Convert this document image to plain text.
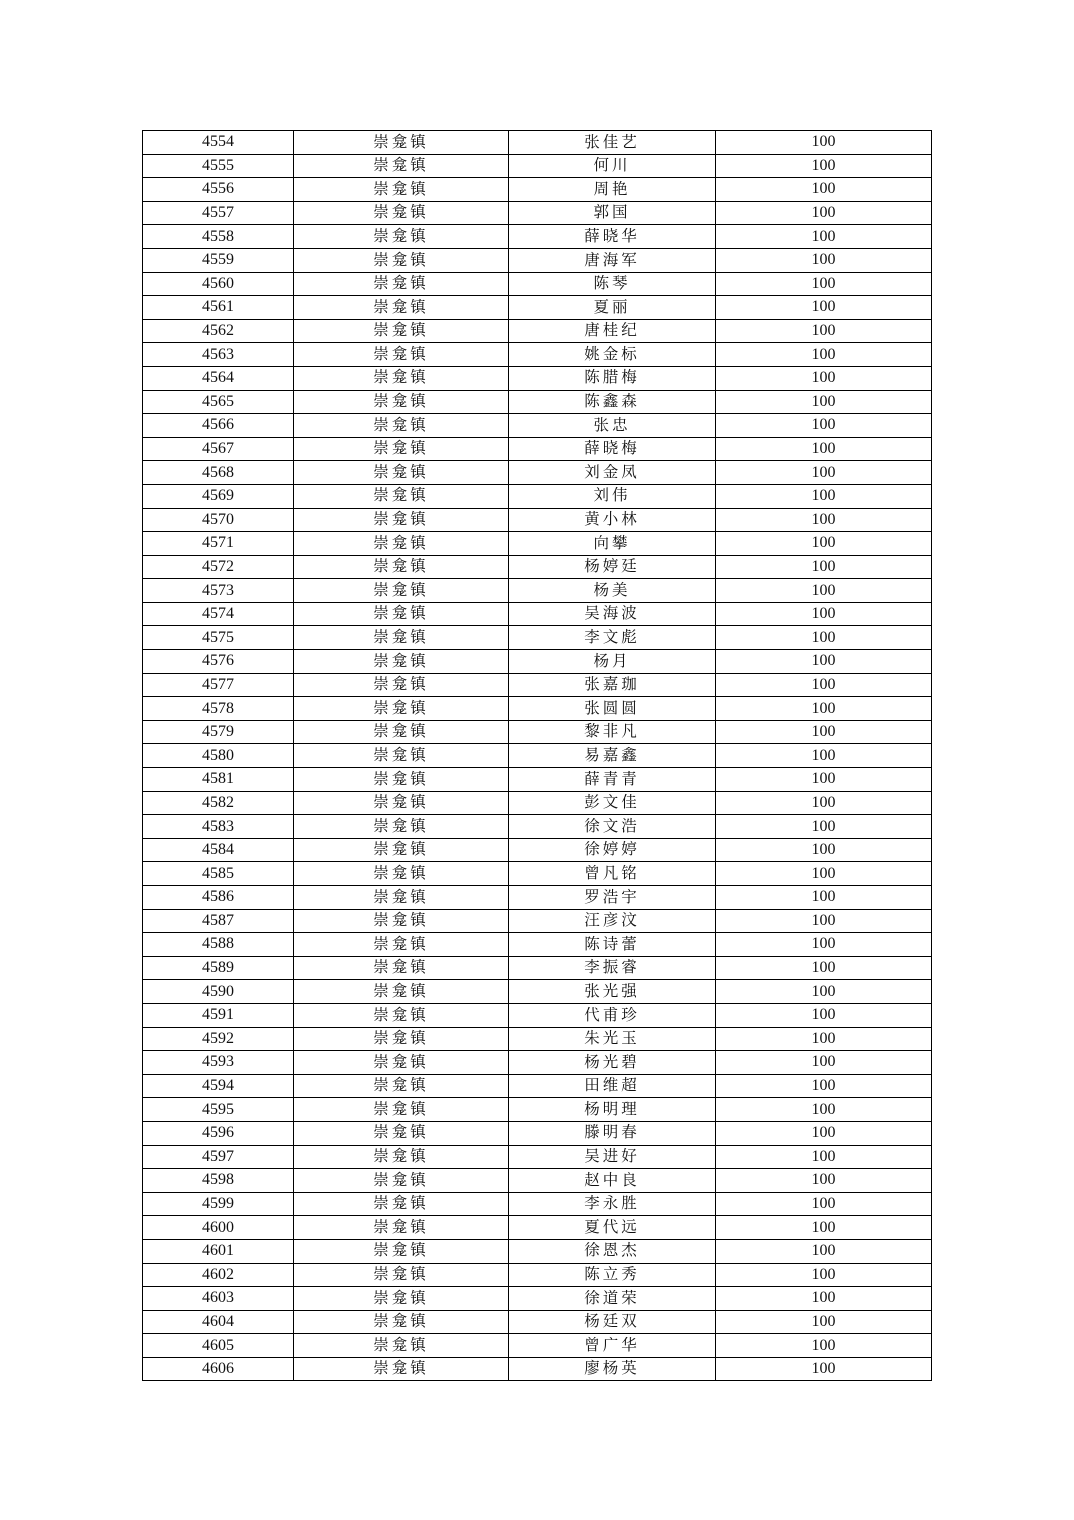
4554	崇龛镇	张佳艺	100
4555	崇龛镇	何川	100
4556	崇龛镇	周艳	100
4557	崇龛镇	郭国	100
4558	崇龛镇	薛晓华	100
4559	崇龛镇	唐海军	100
4560	崇龛镇	陈琴	100
4561	崇龛镇	夏丽	100
4562	崇龛镇	唐桂纪	100
4563	崇龛镇	姚金标	100
4564	崇龛镇	陈腊梅	100
4565	崇龛镇	陈鑫森	100
4566	崇龛镇	张忠	100
4567	崇龛镇	薛晓梅	100
4568	崇龛镇	刘金凤	100
4569	崇龛镇	刘伟	100
4570	崇龛镇	黄小林	100
4571	崇龛镇	向攀	100
4572	崇龛镇	杨婷廷	100
4573	崇龛镇	杨美	100
4574	崇龛镇	吴海波	100
4575	崇龛镇	李文彪	100
4576	崇龛镇	杨月	100
4577	崇龛镇	张嘉珈	100
4578	崇龛镇	张圆圆	100
4579	崇龛镇	黎非凡	100
4580	崇龛镇	易嘉鑫	100
4581	崇龛镇	薛青青	100
4582	崇龛镇	彭文佳	100
4583	崇龛镇	徐文浩	100
4584	崇龛镇	徐婷婷	100
4585	崇龛镇	曾凡铭	100
4586	崇龛镇	罗浩宇	100
4587	崇龛镇	汪彦汶	100
4588	崇龛镇	陈诗蕾	100
4589	崇龛镇	李振睿	100
4590	崇龛镇	张光强	100
4591	崇龛镇	代甫珍	100
4592	崇龛镇	朱光玉	100
4593	崇龛镇	杨光碧	100
4594	崇龛镇	田维超	100
4595	崇龛镇	杨明理	100
4596	崇龛镇	滕明春	100
4597	崇龛镇	吴进好	100
4598	崇龛镇	赵中良	100
4599	崇龛镇	李永胜	100
4600	崇龛镇	夏代远	100
4601	崇龛镇	徐恩杰	100
4602	崇龛镇	陈立秀	100
4603	崇龛镇	徐道荣	100
4604	崇龛镇	杨廷双	100
4605	崇龛镇	曾广华	100
4606	崇龛镇	廖杨英	100
